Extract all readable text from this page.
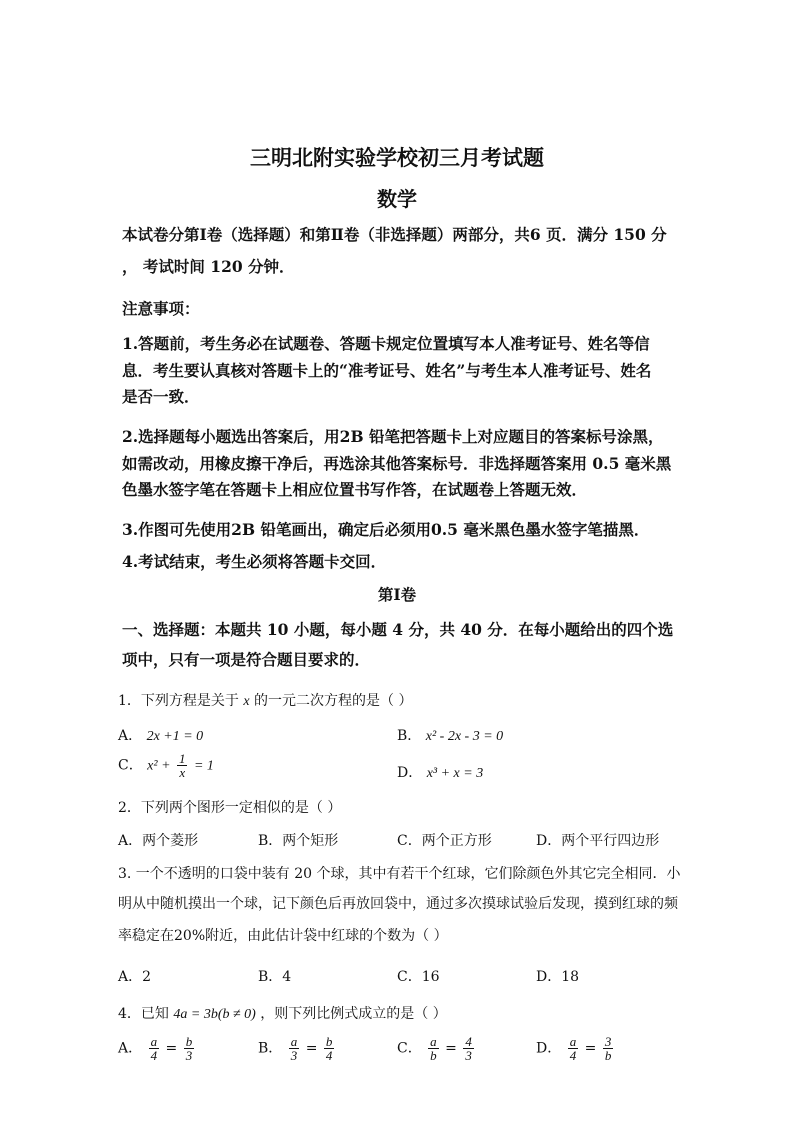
三明北附实验学校初三月考试题
数学
本试卷分第Ⅰ卷（选择题）和第Ⅱ卷（非选择题）两部分，共6 页．满分 150 分
， 考试时间 120 分钟．
注意事项：
1.答题前，考生务必在试题卷、答题卡规定位置填写本人准考证号、姓名等信
息．考生要认真核对答题卡上的“准考证号、姓名”与考生本人准考证号、姓名
是否一致．
2.选择题每小题选出答案后，用2B 铅笔把答题卡上对应题目的答案标号涂黑，
如需改动，用橡皮擦干净后，再选涂其他答案标号．非选择题答案用 0.5 毫米黑
色墨水签字笔在答题卡上相应位置书写作答，在试题卷上答题无效．
3.作图可先使用2B 铅笔画出，确定后必须用0.5 毫米黑色墨水签字笔描黑．
4.考试结束，考生必须将答题卡交回．
第Ⅰ卷
一、选择题：本题共 10 小题，每小题 4 分，共 40 分．在每小题给出的四个选
项中，只有一项是符合题目要求的．
1．下列方程是关于 x 的一元二次方程的是（ ）
A． 2x +1 = 0	B． x² - 2x - 3 = 0
C． $x^2 + \frac{1}{x} = 1$	D． x³ + x = 3
2．下列两个图形一定相似的是（ ）
A．两个菱形	B．两个矩形	C．两个正方形	D．两个平行四边形
3. 一个不透明的口袋中装有 20 个球，其中有若干个红球，它们除颜色外其它完全相同．小
明从中随机摸出一个球，记下颜色后再放回袋中，通过多次摸球试验后发现，摸到红球的频
率稳定在20%附近，由此估计袋中红球的个数为（ ）
A．2	B．4	C．16	D．18
4．已知 4a = 3b(b ≠ 0) ，则下列比例式成立的是（ ）
A． $\frac{a}{4} = \frac{b}{3}$	B． $\frac{a}{3} = \frac{b}{4}$	C． $\frac{a}{b} = \frac{4}{3}$	D． $\frac{a}{4} = \frac{3}{b}$
